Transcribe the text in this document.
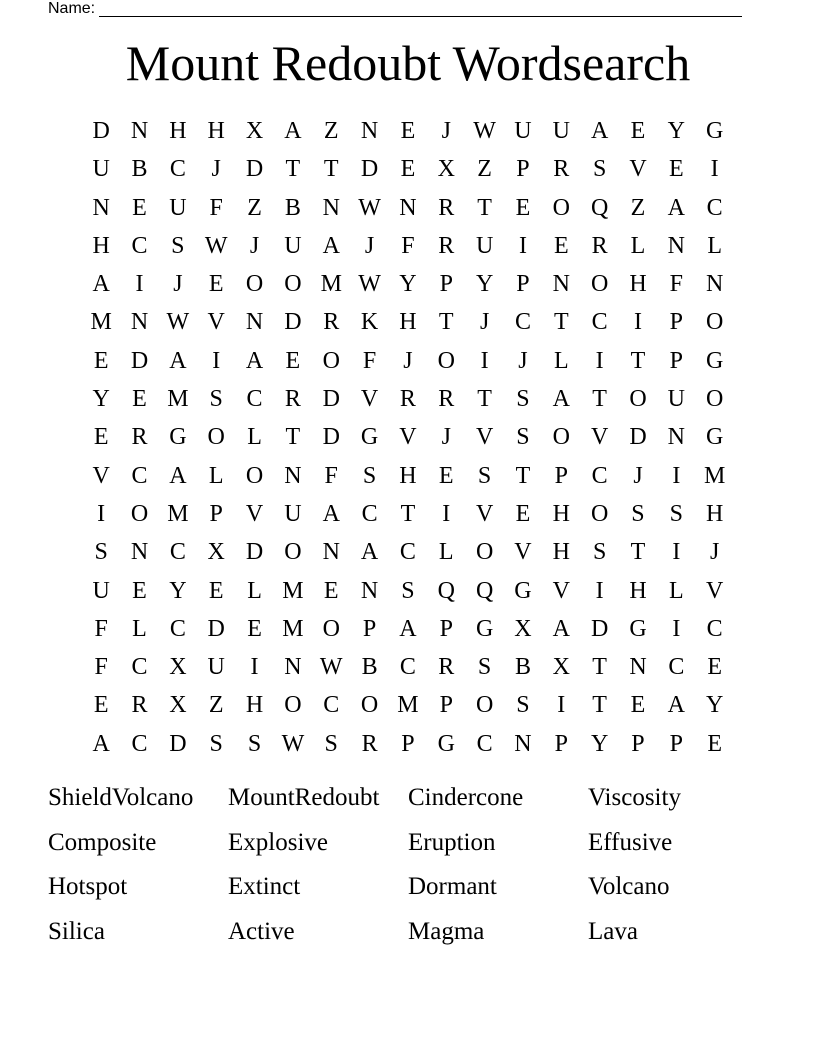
Name:
Mount Redoubt Wordsearch
D N H H X A Z N E	J W U U A E Y G
U B C	J	D T T D E X Z	P R S V E	I
N E U F	Z B N W N R T E O Q Z A C
H C S W J	U A	J	F R U	I	E R L N L
A	I	J	E O O M W Y P Y P N O H F N
M N W V N D R K H T	J	C T C	I	P O
E D A	I	A E O F	J	O	I	J	L	I	T	P G
Y E M S C R D V R R T	S A T O U O
E R G O L T D G V	J	V S O V D N G
V C A L O N F	S H E	S	T	P C	J	I M
I	O M P V U A C T	I	V E H O S	S H
S N C X D O N A C L O V H S	T	I	J
U E Y E L M E N S Q Q G V	I	H L V
F	L C D E M O P A P G X A D G	I	C
F C X U	I	N W B C R S B X T N C E
E R X Z H O C O M P O S	I	T E A Y
A C D S	S W S R P G C N P Y P	P	E
ShieldVolcano	MountRedoubt	Cindercone	Viscosity
Composite	Explosive	Eruption	Effusive
Hotspot	Extinct	Dormant	Volcano
Silica	Active	Magma	Lava
